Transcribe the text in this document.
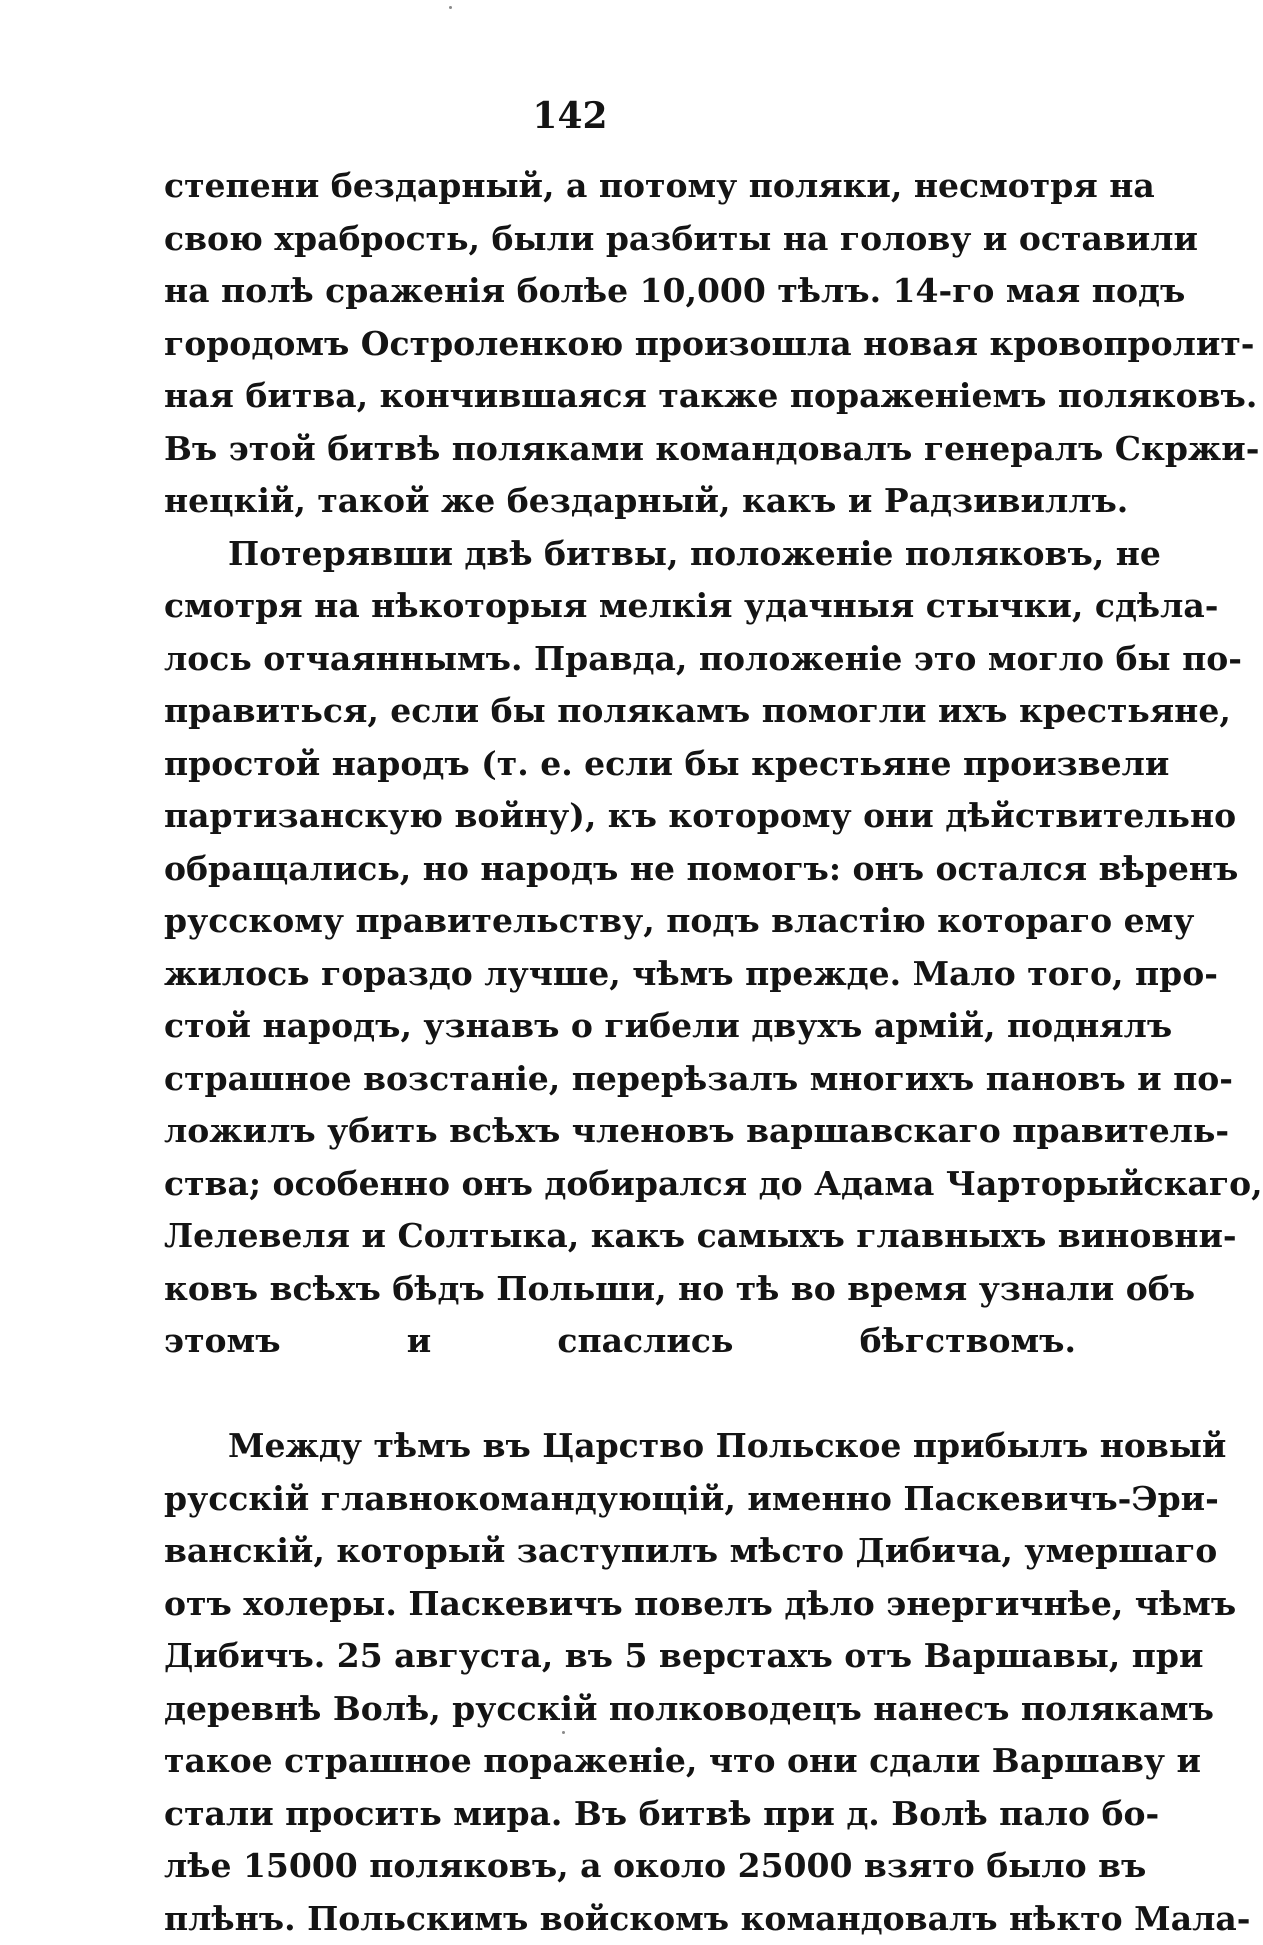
142
степени бездарный, а потому поляки, несмотря на
свою храбрость, были разбиты на голову и оставили
на полѣ сраженія болѣе 10,000 тѣлъ. 14-го мая подъ
городомъ Остроленкою произошла новая кровопролит-
ная битва, кончившаяся также пораженіемъ поляковъ.
Въ этой битвѣ поляками командовалъ генералъ Скржи-
нецкій, такой же бездарный, какъ и Радзивиллъ.
Потерявши двѣ битвы, положеніе поляковъ, не
смотря на нѣкоторыя мелкія удачныя стычки, сдѣла-
лось отчаяннымъ. Правда, положеніе это могло бы по-
правиться, если бы полякамъ помогли ихъ крестьяне,
простой народъ (т. е. если бы крестьяне произвели
партизанскую войну), къ которому они дѣйствительно
обращались, но народъ не помогъ: онъ остался вѣренъ
русскому правительству, подъ властію котораго ему
жилось гораздо лучше, чѣмъ прежде. Мало того, про-
стой народъ, узнавъ о гибели двухъ армій, поднялъ
страшное возстаніе, перерѣзалъ многихъ пановъ и по-
ложилъ убить всѣхъ членовъ варшавскаго правитель-
ства; особенно онъ добирался до Адама Чарторыйскаго,
Лелевеля и Солтыка, какъ самыхъ главныхъ виновни-
ковъ всѣхъ бѣдъ Польши, но тѣ во время узнали объ
этомъ и спаслись бѣгствомъ.
Между тѣмъ въ Царство Польское прибылъ новый
русскій главнокомандующій, именно Паскевичъ-Эри-
ванскій, который заступилъ мѣсто Дибича, умершаго
отъ холеры. Паскевичъ повелъ дѣло энергичнѣе, чѣмъ
Дибичъ. 25 августа, въ 5 верстахъ отъ Варшавы, при
деревнѣ Волѣ, русскій полководецъ нанесъ полякамъ
такое страшное пораженіе, что они сдали Варшаву и
стали просить мира. Въ битвѣ при д. Волѣ пало бо-
лѣе 15000 поляковъ, а около 25000 взято было въ
плѣнъ. Польскимъ войскомъ командовалъ нѣкто Мала-
